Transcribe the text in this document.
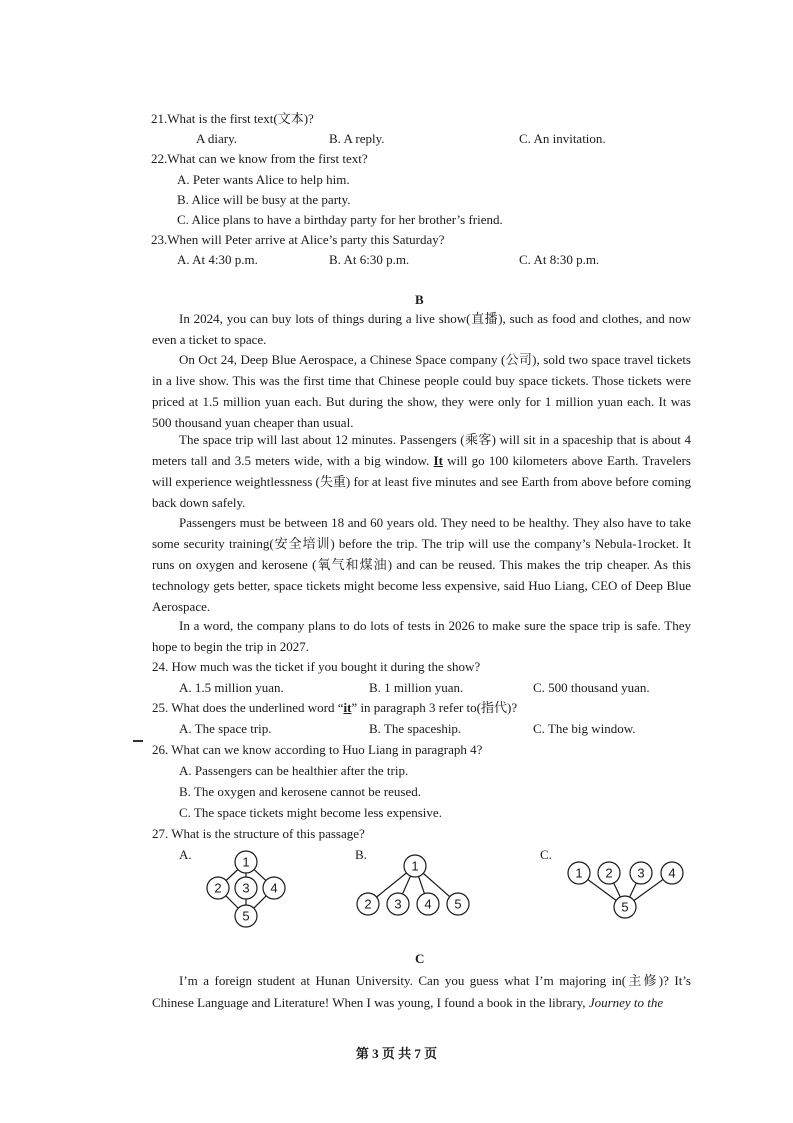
21.What is the first text(文本)?
A diary.	B. A reply.	C. An invitation.
22.What can we know from the first text?
A. Peter wants Alice to help him.
B. Alice will be busy at the party.
C. Alice plans to have a birthday party for her brother’s friend.
23.When will Peter arrive at Alice’s party this Saturday?
A. At 4:30 p.m.	B. At 6:30 p.m.	C. At 8:30 p.m.
B
In 2024, you can buy lots of things during a live show(直播), such as food and clothes, and now even a ticket to space.
On Oct 24, Deep Blue Aerospace, a Chinese Space company (公司), sold two space travel tickets in a live show. This was the first time that Chinese people could buy space tickets. Those tickets were priced at 1.5 million yuan each. But during the show, they were only for 1 million yuan each. It was 500 thousand yuan cheaper than usual.
The space trip will last about 12 minutes. Passengers (乘客) will sit in a spaceship that is about 4 meters tall and 3.5 meters wide, with a big window. It will go 100 kilometers above Earth. Travelers will experience weightlessness (失重) for at least five minutes and see Earth from above before coming back down safely.
Passengers must be between 18 and 60 years old. They need to be healthy. They also have to take some security training(安全培训) before the trip. The trip will use the company’s Nebula-1rocket. It runs on oxygen and kerosene (氧气和煤油) and can be reused. This makes the trip cheaper. As this technology gets better, space tickets might become less expensive, said Huo Liang, CEO of Deep Blue Aerospace.
In a word, the company plans to do lots of tests in 2026 to make sure the space trip is safe. They hope to begin the trip in 2027.
24. How much was the ticket if you bought it during the show?
A. 1.5 million yuan.	B. 1 million yuan.	C. 500 thousand yuan.
25. What does the underlined word “it” in paragraph 3 refer to(指代)?
A. The space trip.	B. The spaceship.	C. The big window.
26. What can we know according to Huo Liang in paragraph 4?
A. Passengers can be healthier after the trip.
B. The oxygen and kerosene cannot be reused.
C. The space tickets might become less expensive.
27. What is the structure of this passage?
A.	B.	C.
1
2 3 4
5
1
2 3 4 5
1 2 3 4
5
C
I’m a foreign student at Hunan University. Can you guess what I’m majoring in(主修)? It’s Chinese Language and Literature! When I was young, I found a book in the library, Journey to the
第 3 页 共 7 页
